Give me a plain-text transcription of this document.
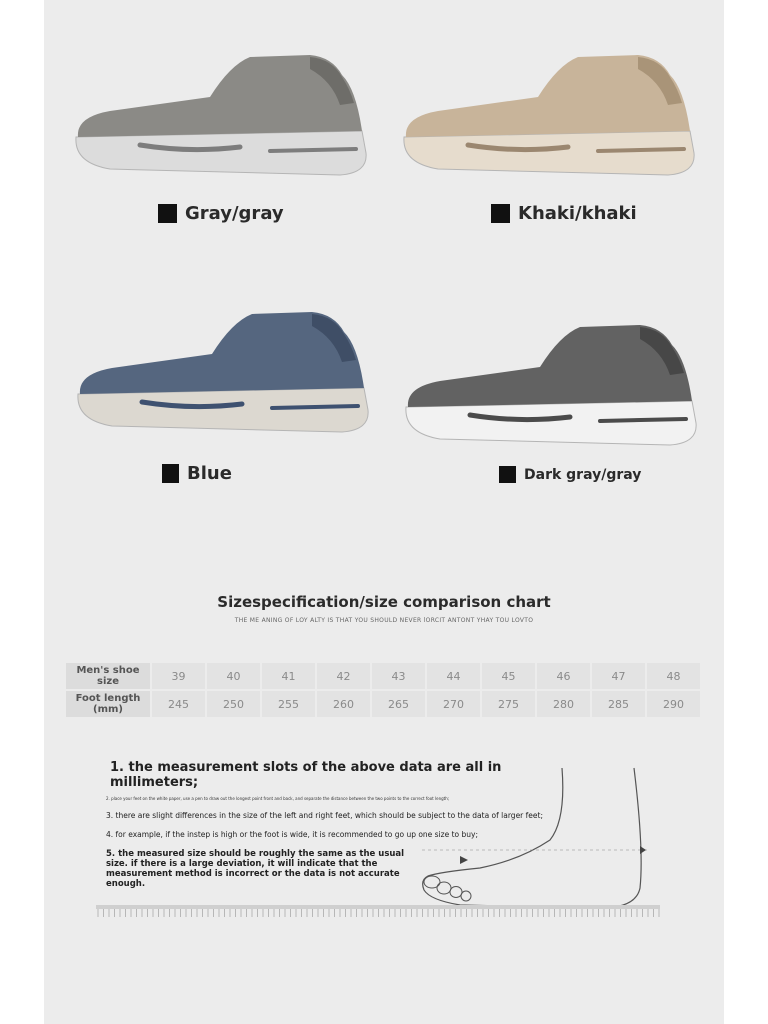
Gray/gray	Khaki/khaki
Blue	Dark gray/gray
Sizespecification/size comparison chart
THE ME ANING OF LOY ALTY IS THAT YOU SHOULD NEVER lORCIT ANTONT YHAY TOU LOVTO
Men's shoe size	39	40	41	42	43	44	45	46	47	48
Foot length (mm)	245	250	255	260	265	270	275	280	285	290

1. the measurement slots of the above data are all in millimeters;

2. place your feet on the white paper, use a pen to draw out the longest point front and back, and separate the distance between the two points to the correct foot length;

3. there are slight differences in the size of the left and right feet, which should be subject to the data of larger feet;

4. for example, if the instep is high or the foot is wide, it is recommended to go up one size to buy;

5. the measured size should be roughly the same as the usual size. if there is a large deviation, it will indicate that the measurement method is incorrect or the data is not accurate enough.
